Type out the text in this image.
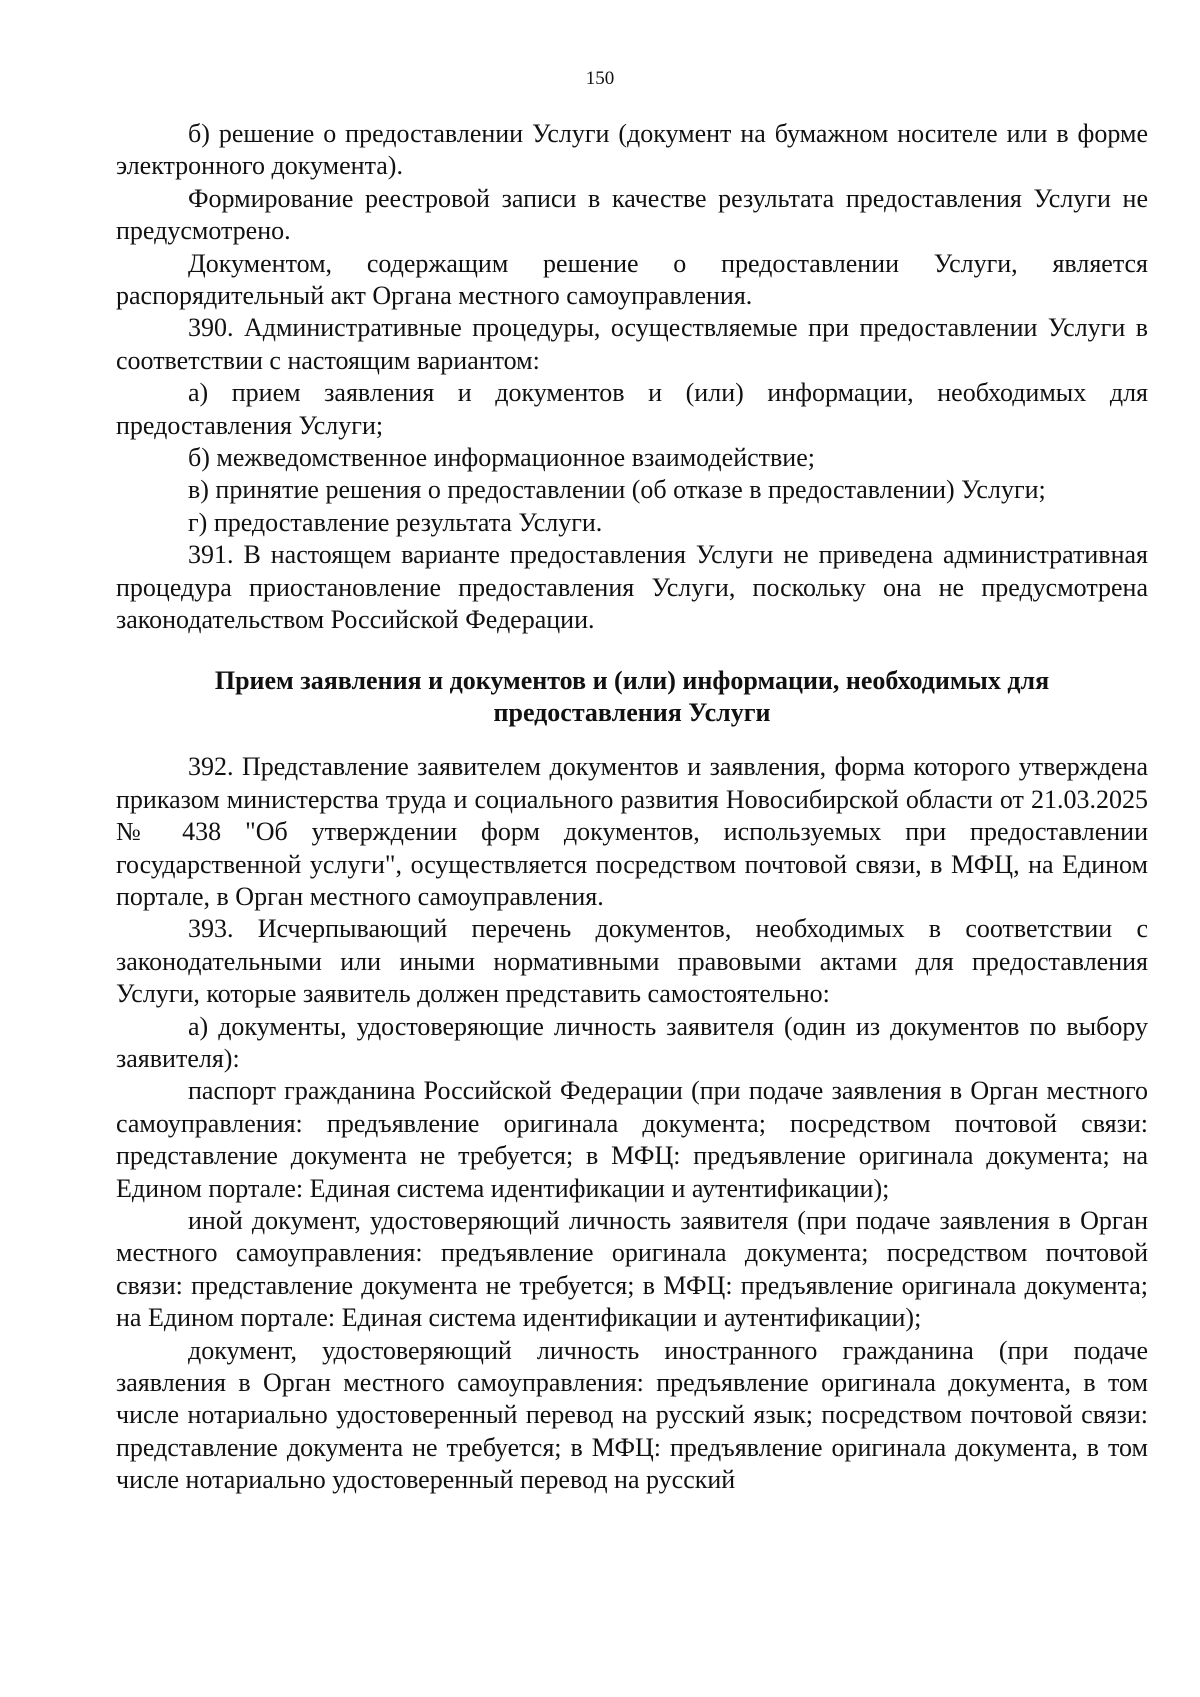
150

б) решение о предоставлении Услуги (документ на бумажном носителе или в форме электронного документа).

Формирование реестровой записи в качестве результата предоставления Услуги не предусмотрено.

Документом, содержащим решение о предоставлении Услуги, является распорядительный акт Органа местного самоуправления.

390. Административные процедуры, осуществляемые при предоставлении Услуги в соответствии с настоящим вариантом:

а) прием заявления и документов и (или) информации, необходимых для предоставления Услуги;

б) межведомственное информационное взаимодействие;

в) принятие решения о предоставлении (об отказе в предоставлении) Услуги;

г) предоставление результата Услуги.

391. В настоящем варианте предоставления Услуги не приведена административная процедура приостановление предоставления Услуги, поскольку она не предусмотрена законодательством Российской Федерации.

Прием заявления и документов и (или) информации, необходимых для предоставления Услуги

392. Представление заявителем документов и заявления, форма которого утверждена приказом министерства труда и социального развития Новосибирской области от 21.03.2025 № 438 "Об утверждении форм документов, используемых при предоставлении государственной услуги", осуществляется посредством почтовой связи, в МФЦ, на Едином портале, в Орган местного самоуправления.

393. Исчерпывающий перечень документов, необходимых в соответствии с законодательными или иными нормативными правовыми актами для предоставления Услуги, которые заявитель должен представить самостоятельно:

а) документы, удостоверяющие личность заявителя (один из документов по выбору заявителя):

паспорт гражданина Российской Федерации (при подаче заявления в Орган местного самоуправления: предъявление оригинала документа; посредством почтовой связи: представление документа не требуется; в МФЦ: предъявление оригинала документа; на Едином портале: Единая система идентификации и аутентификации);

иной документ, удостоверяющий личность заявителя (при подаче заявления в Орган местного самоуправления: предъявление оригинала документа; посредством почтовой связи: представление документа не требуется; в МФЦ: предъявление оригинала документа; на Едином портале: Единая система идентификации и аутентификации);

документ, удостоверяющий личность иностранного гражданина (при подаче заявления в Орган местного самоуправления: предъявление оригинала документа, в том числе нотариально удостоверенный перевод на русский язык; посредством почтовой связи: представление документа не требуется; в МФЦ: предъявление оригинала документа, в том числе нотариально удостоверенный перевод на русский
